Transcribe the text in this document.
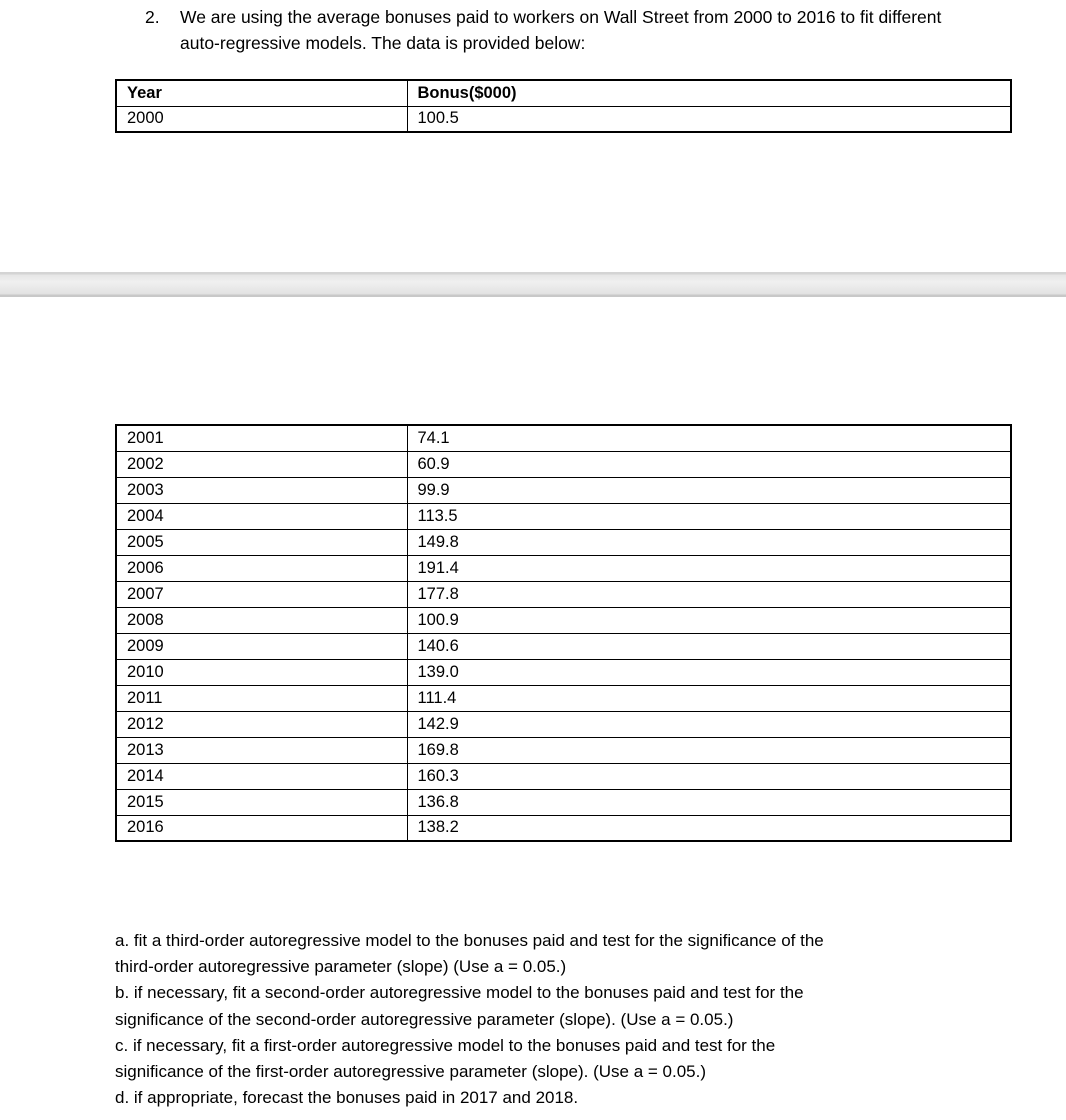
2.	We are using the average bonuses paid to workers on Wall Street from 2000 to 2016 to fit different auto-regressive models. The data is provided below:
Year	Bonus($000)
2000	100.5
2001	74.1
2002	60.9
2003	99.9
2004	113.5
2005	149.8
2006	191.4
2007	177.8
2008	100.9
2009	140.6
2010	139.0
2011	111.4
2012	142.9
2013	169.8
2014	160.3
2015	136.8
2016	138.2
a. fit a third-order autoregressive model to the bonuses paid and test for the significance of the
third-order autoregressive parameter (slope) (Use a = 0.05.)
b. if necessary, fit a second-order autoregressive model to the bonuses paid and test for the
significance of the second-order autoregressive parameter (slope). (Use a = 0.05.)
c. if necessary, fit a first-order autoregressive model to the bonuses paid and test for the
significance of the first-order autoregressive parameter (slope). (Use a = 0.05.)
d. if appropriate, forecast the bonuses paid in 2017 and 2018.
